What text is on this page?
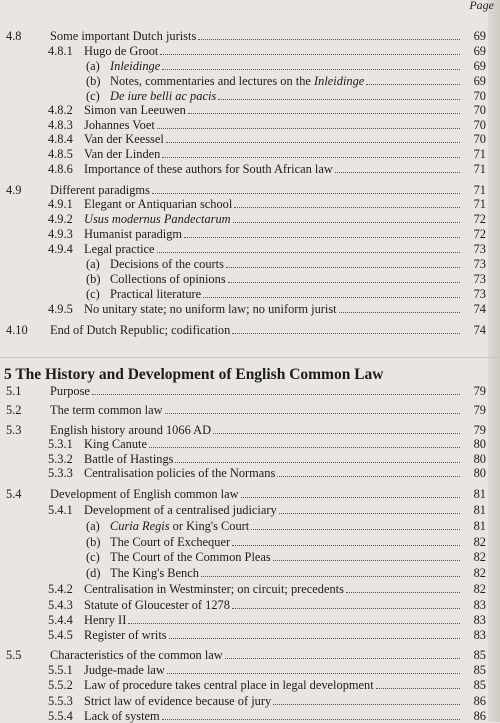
Page
4.8 Some important Dutch jurists	69
4.8.1 Hugo de Groot	69
(a) Inleidinge	69
(b) Notes, commentaries and lectures on the Inleidinge	69
(c) De iure belli ac pacis	70
4.8.2 Simon van Leeuwen	70
4.8.3 Johannes Voet	70
4.8.4 Van der Keessel	70
4.8.5 Van der Linden	71
4.8.6 Importance of these authors for South African law	71
4.9 Different paradigms	71
4.9.1 Elegant or Antiquarian school	71
4.9.2 Usus modernus Pandectarum	72
4.9.3 Humanist paradigm	72
4.9.4 Legal practice	73
(a) Decisions of the courts	73
(b) Collections of opinions	73
(c) Practical literature	73
4.9.5 No unitary state; no uniform law; no uniform jurist	74
4.10 End of Dutch Republic; codification	74
5 The History and Development of English Common Law
5.1 Purpose	79
5.2 The term common law	79
5.3 English history around 1066 AD	79
5.3.1 King Canute	80
5.3.2 Battle of Hastings	80
5.3.3 Centralisation policies of the Normans	80
5.4 Development of English common law	81
5.4.1 Development of a centralised judiciary	81
(a) Curia Regis or King's Court	81
(b) The Court of Exchequer	82
(c) The Court of the Common Pleas	82
(d) The King's Bench	82
5.4.2 Centralisation in Westminster; on circuit; precedents	82
5.4.3 Statute of Gloucester of 1278	83
5.4.4 Henry II	83
5.4.5 Register of writs	83
5.5 Characteristics of the common law	85
5.5.1 Judge-made law	85
5.5.2 Law of procedure takes central place in legal development	85
5.5.3 Strict law of evidence because of jury	86
5.5.4 Lack of system	86
